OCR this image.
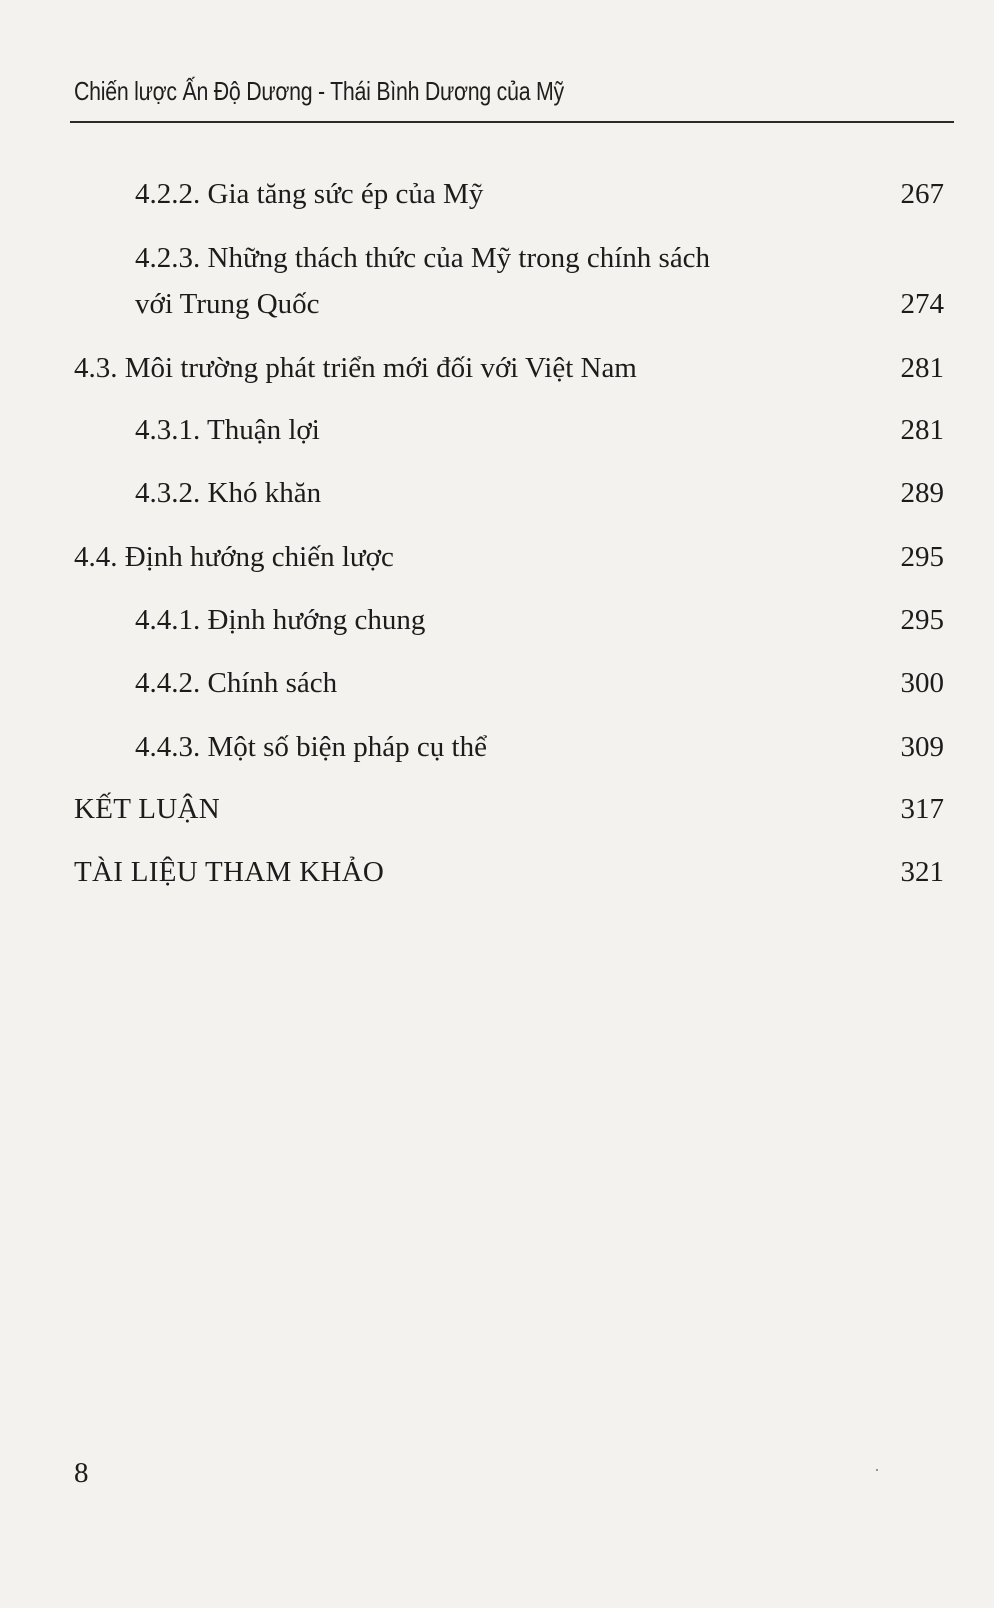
Chiến lược Ấn Độ Dương - Thái Bình Dương của Mỹ
4.2.2. Gia tăng sức ép của Mỹ	267
4.2.3. Những thách thức của Mỹ trong chính sách
với Trung Quốc	274
4.3. Môi trường phát triển mới đối với Việt Nam	281
4.3.1. Thuận lợi	281
4.3.2. Khó khăn	289
4.4. Định hướng chiến lược	295
4.4.1. Định hướng chung	295
4.4.2. Chính sách	300
4.4.3. Một số biện pháp cụ thể	309
KẾT LUẬN	317
TÀI LIỆU THAM KHẢO	321
8
